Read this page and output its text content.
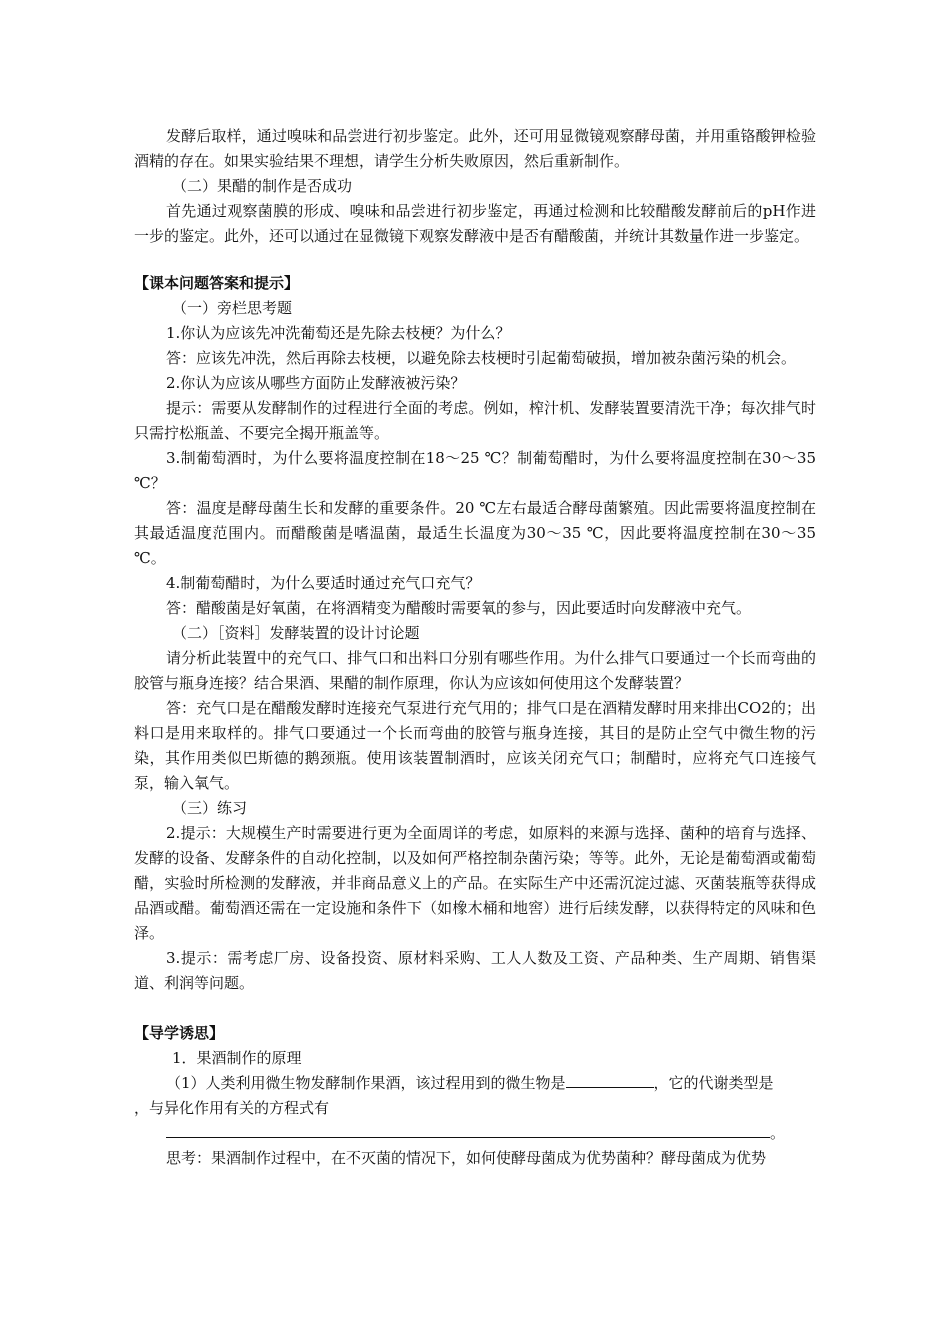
发酵后取样，通过嗅味和品尝进行初步鉴定。此外，还可用显微镜观察酵母菌，并用重铬酸钾检验酒精的存在。如果实验结果不理想，请学生分析失败原因，然后重新制作。

（二）果醋的制作是否成功

首先通过观察菌膜的形成、嗅味和品尝进行初步鉴定，再通过检测和比较醋酸发酵前后的pH作进一步的鉴定。此外，还可以通过在显微镜下观察发酵液中是否有醋酸菌，并统计其数量作进一步鉴定。

【课本问题答案和提示】

（一）旁栏思考题

1.你认为应该先冲洗葡萄还是先除去枝梗？为什么？

答：应该先冲洗，然后再除去枝梗，以避免除去枝梗时引起葡萄破损，增加被杂菌污染的机会。

2.你认为应该从哪些方面防止发酵液被污染？

提示：需要从发酵制作的过程进行全面的考虑。例如，榨汁机、发酵装置要清洗干净；每次排气时只需拧松瓶盖、不要完全揭开瓶盖等。

3.制葡萄酒时，为什么要将温度控制在18～25 ℃？制葡萄醋时，为什么要将温度控制在30～35 ℃？

答：温度是酵母菌生长和发酵的重要条件。20 ℃左右最适合酵母菌繁殖。因此需要将温度控制在其最适温度范围内。而醋酸菌是嗜温菌，最适生长温度为30～35 ℃，因此要将温度控制在30～35 ℃。

4.制葡萄醋时，为什么要适时通过充气口充气？

答：醋酸菌是好氧菌，在将酒精变为醋酸时需要氧的参与，因此要适时向发酵液中充气。

（二）［资料］发酵装置的设计讨论题

请分析此装置中的充气口、排气口和出料口分别有哪些作用。为什么排气口要通过一个长而弯曲的胶管与瓶身连接？结合果酒、果醋的制作原理，你认为应该如何使用这个发酵装置？

答：充气口是在醋酸发酵时连接充气泵进行充气用的；排气口是在酒精发酵时用来排出CO2的；出料口是用来取样的。排气口要通过一个长而弯曲的胶管与瓶身连接，其目的是防止空气中微生物的污染，其作用类似巴斯德的鹅颈瓶。使用该装置制酒时，应该关闭充气口；制醋时，应将充气口连接气泵，输入氧气。

（三）练习

2.提示：大规模生产时需要进行更为全面周详的考虑，如原料的来源与选择、菌种的培育与选择、发酵的设备、发酵条件的自动化控制，以及如何严格控制杂菌污染；等等。此外，无论是葡萄酒或葡萄醋，实验时所检测的发酵液，并非商品意义上的产品。在实际生产中还需沉淀过滤、灭菌装瓶等获得成品酒或醋。葡萄酒还需在一定设施和条件下（如橡木桶和地窖）进行后续发酵，以获得特定的风味和色泽。

3.提示：需考虑厂房、设备投资、原材料采购、工人人数及工资、产品种类、生产周期、销售渠道、利润等问题。

【导学诱思】

1．果酒制作的原理

（1）人类利用微生物发酵制作果酒，该过程用到的微生物是	，它的代谢类型是
，与异化作用有关的方程式有

。

思考：果酒制作过程中，在不灭菌的情况下，如何使酵母菌成为优势菌种？酵母菌成为优势
